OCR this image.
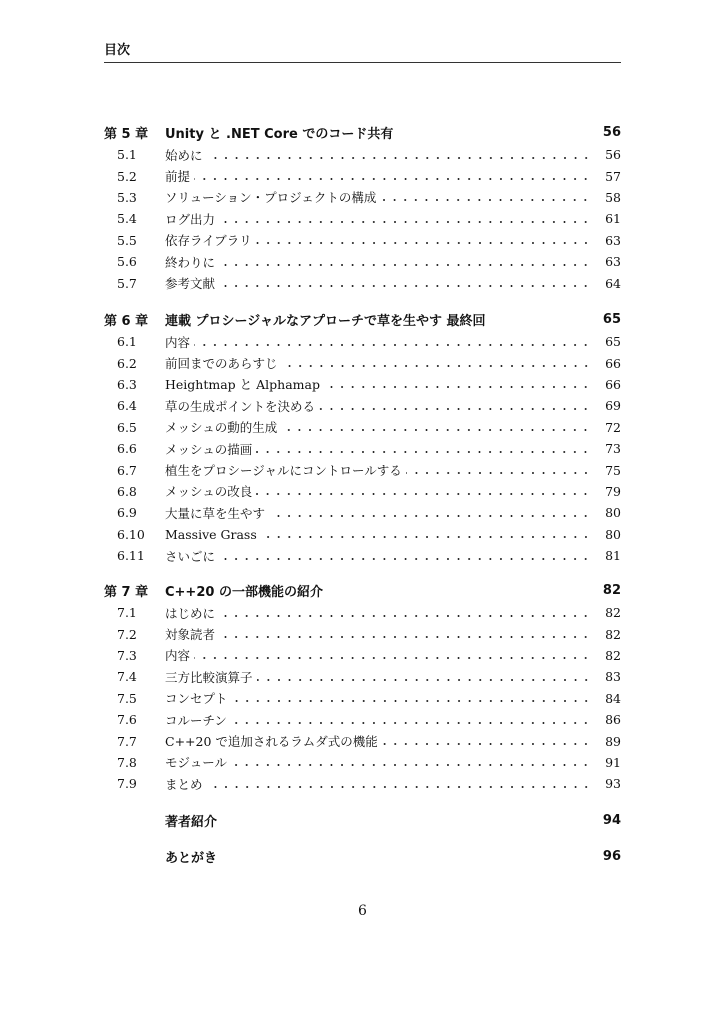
目次
第 5 章	Unity と .NET Core でのコード共有	56
5.1	始めに	56
5.2	前提	57
5.3	ソリューション・プロジェクトの構成	58
5.4	ログ出力	61
5.5	依存ライブラリ	63
5.6	終わりに	63
5.7	参考文献	64
第 6 章	連載 プロシージャルなアプローチで草を生やす 最終回	65
6.1	内容	65
6.2	前回までのあらすじ	66
6.3	Heightmap と Alphamap	66
6.4	草の生成ポイントを決める	69
6.5	メッシュの動的生成	72
6.6	メッシュの描画	73
6.7	植生をプロシージャルにコントロールする	75
6.8	メッシュの改良	79
6.9	大量に草を生やす	80
6.10	Massive Grass	80
6.11	さいごに	81
第 7 章	C++20 の一部機能の紹介	82
7.1	はじめに	82
7.2	対象読者	82
7.3	内容	82
7.4	三方比較演算子	83
7.5	コンセプト	84
7.6	コルーチン	86
7.7	C++20 で追加されるラムダ式の機能	89
7.8	モジュール	91
7.9	まとめ	93
著者紹介	94
あとがき	96
6
